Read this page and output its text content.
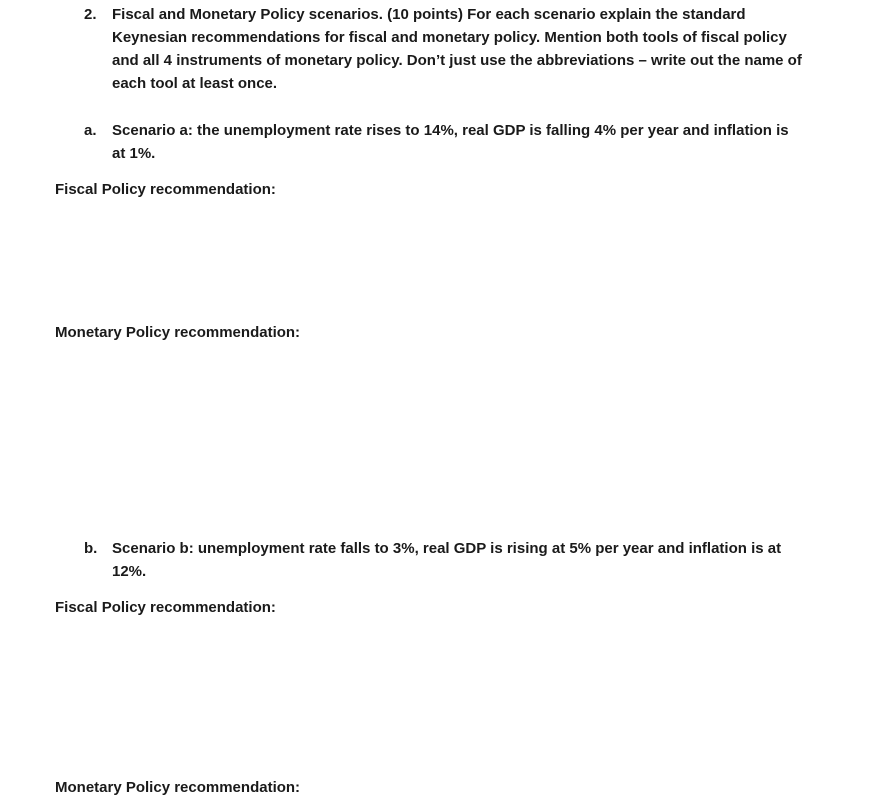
2.	Fiscal and Monetary Policy scenarios. (10 points) For each scenario explain the standard Keynesian recommendations for fiscal and monetary policy. Mention both tools of fiscal policy and all 4 instruments of monetary policy. Don’t just use the abbreviations – write out the name of each tool at least once.
a.	Scenario a: the unemployment rate rises to 14%, real GDP is falling 4% per year and inflation is at 1%.
Fiscal Policy recommendation:
Monetary Policy recommendation:
b. Scenario b: unemployment rate falls to 3%, real GDP is rising at 5% per year and inflation is at 12%.
Fiscal Policy recommendation:
Monetary Policy recommendation:
